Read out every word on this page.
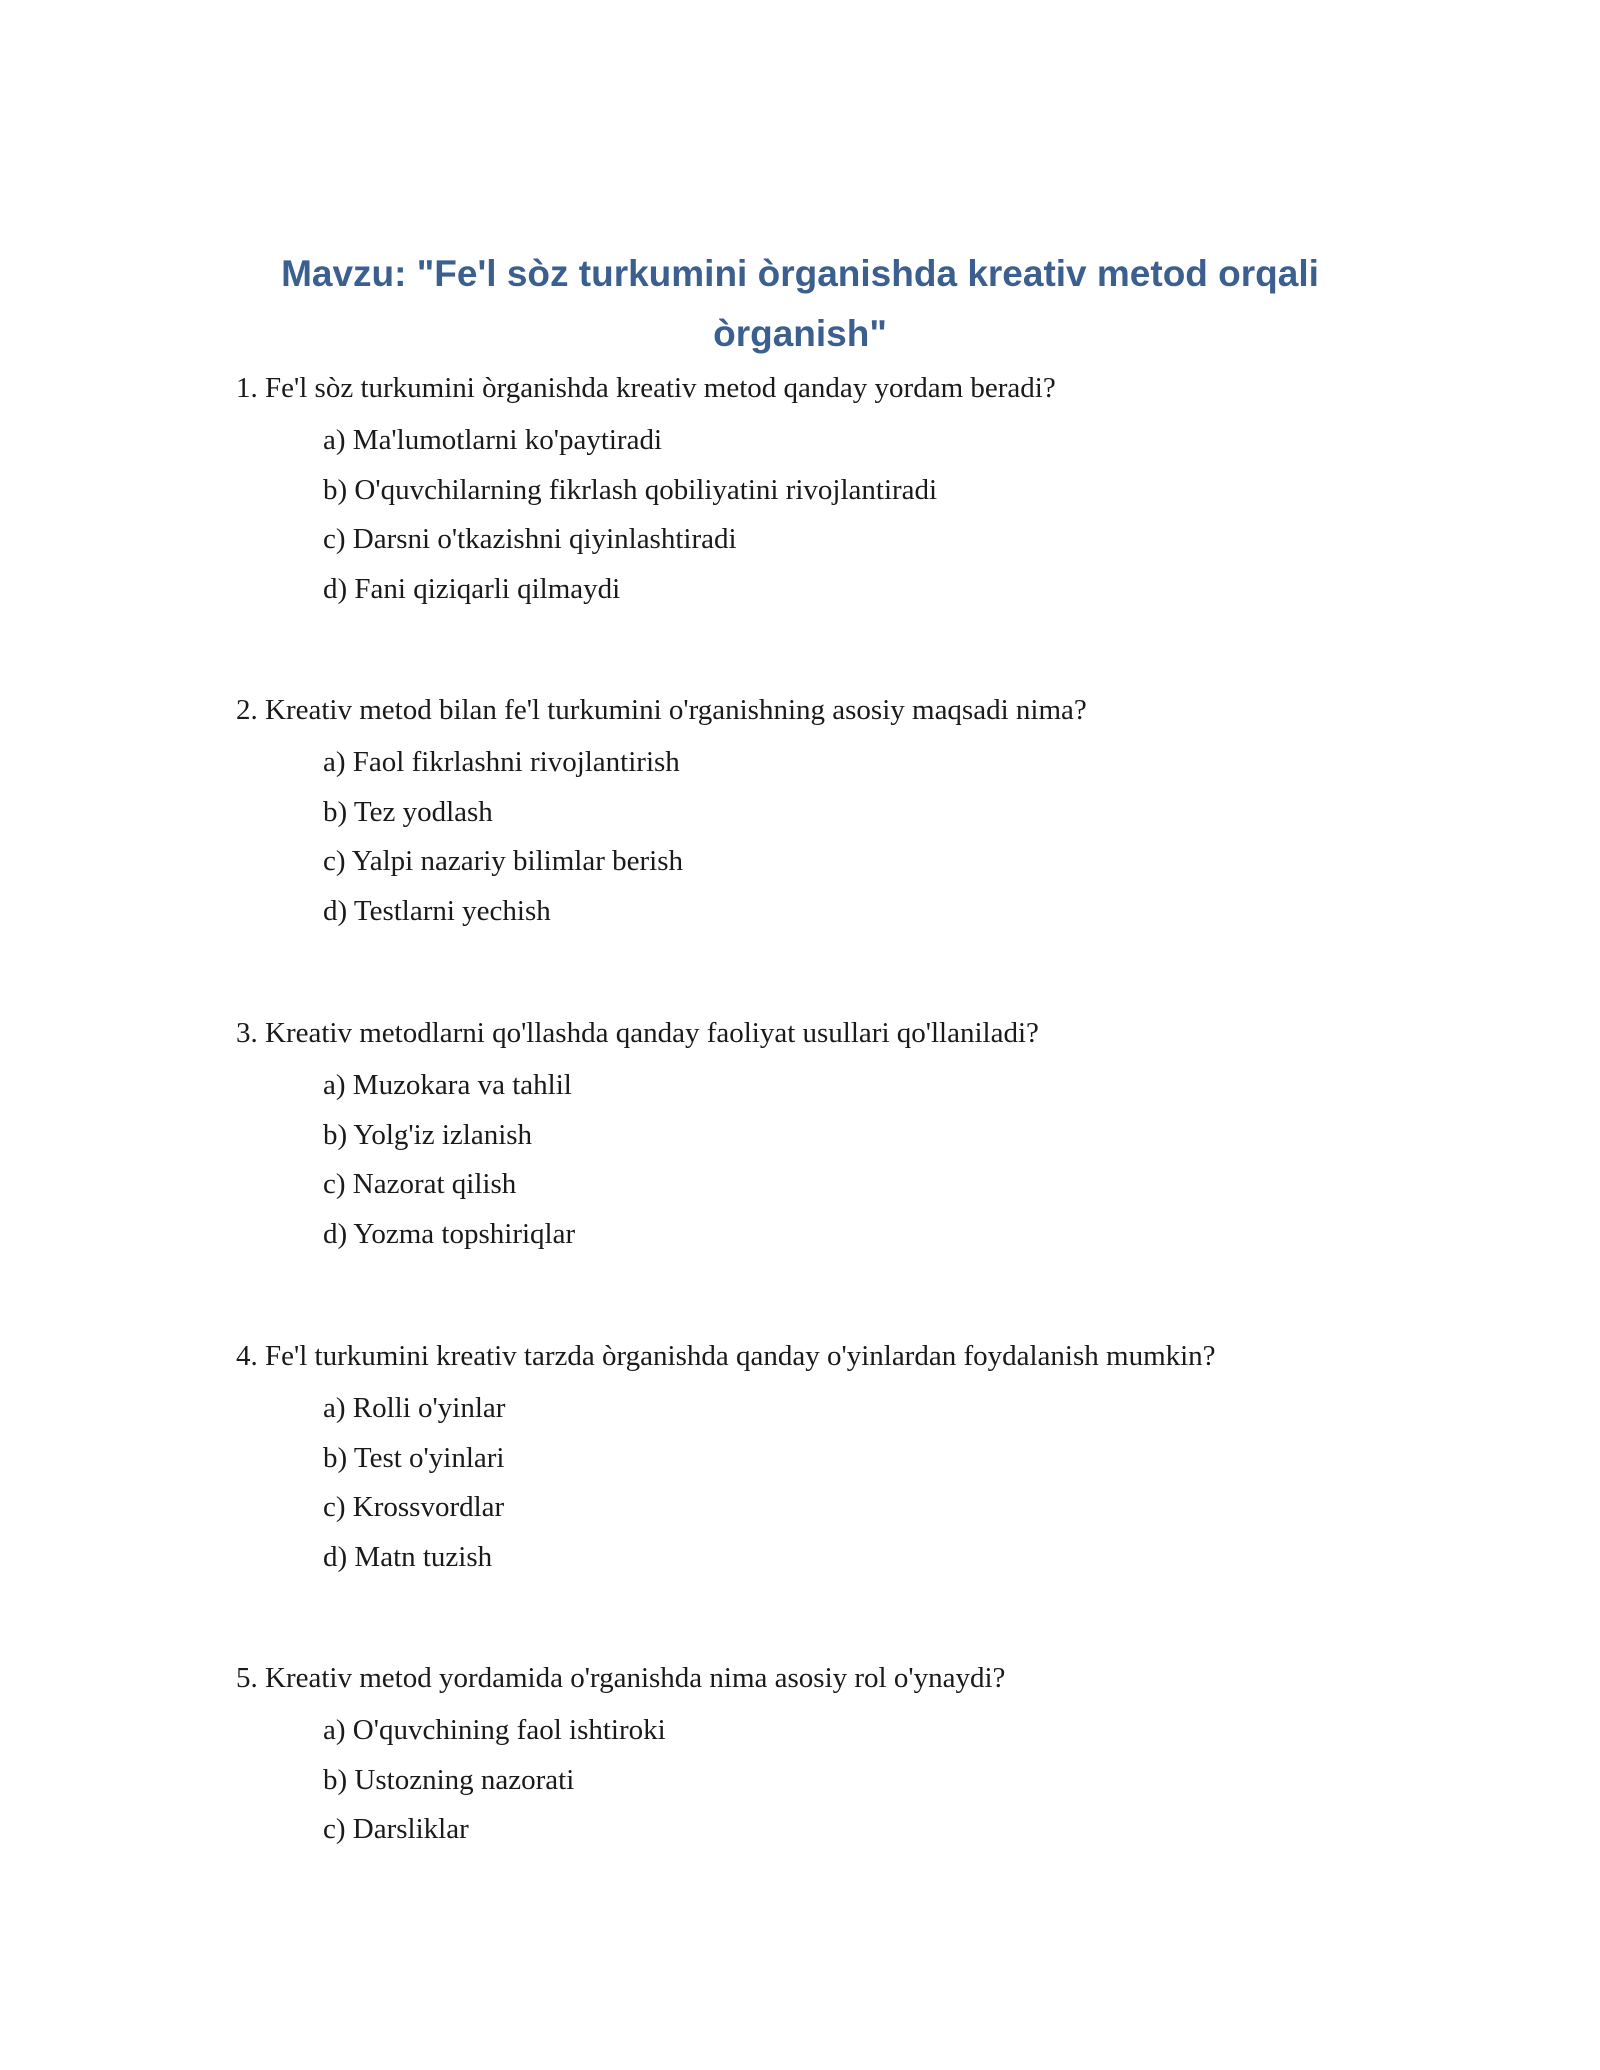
Mavzu: "Fe'l sòz turkumini òrganishda kreativ metod orqali òrganish"

1. Fe'l sòz turkumini òrganishda kreativ metod qanday yordam beradi?

a) Ma'lumotlarni ko'paytiradi
b) O'quvchilarning fikrlash qobiliyatini rivojlantiradi
c) Darsni o'tkazishni qiyinlashtiradi
d) Fani qiziqarli qilmaydi

2. Kreativ metod bilan fe'l turkumini o'rganishning asosiy maqsadi nima?

a) Faol fikrlashni rivojlantirish
b) Tez yodlash
c) Yalpi nazariy bilimlar berish
d) Testlarni yechish

3. Kreativ metodlarni qo'llashda qanday faoliyat usullari qo'llaniladi?

a) Muzokara va tahlil
b) Yolg'iz izlanish
c) Nazorat qilish
d) Yozma topshiriqlar

4. Fe'l turkumini kreativ tarzda òrganishda qanday o'yinlardan foydalanish mumkin?

a) Rolli o'yinlar
b) Test o'yinlari
c) Krossvordlar
d) Matn tuzish

5. Kreativ metod yordamida o'rganishda nima asosiy rol o'ynaydi?

a) O'quvchining faol ishtiroki
b) Ustozning nazorati
c) Darsliklar
